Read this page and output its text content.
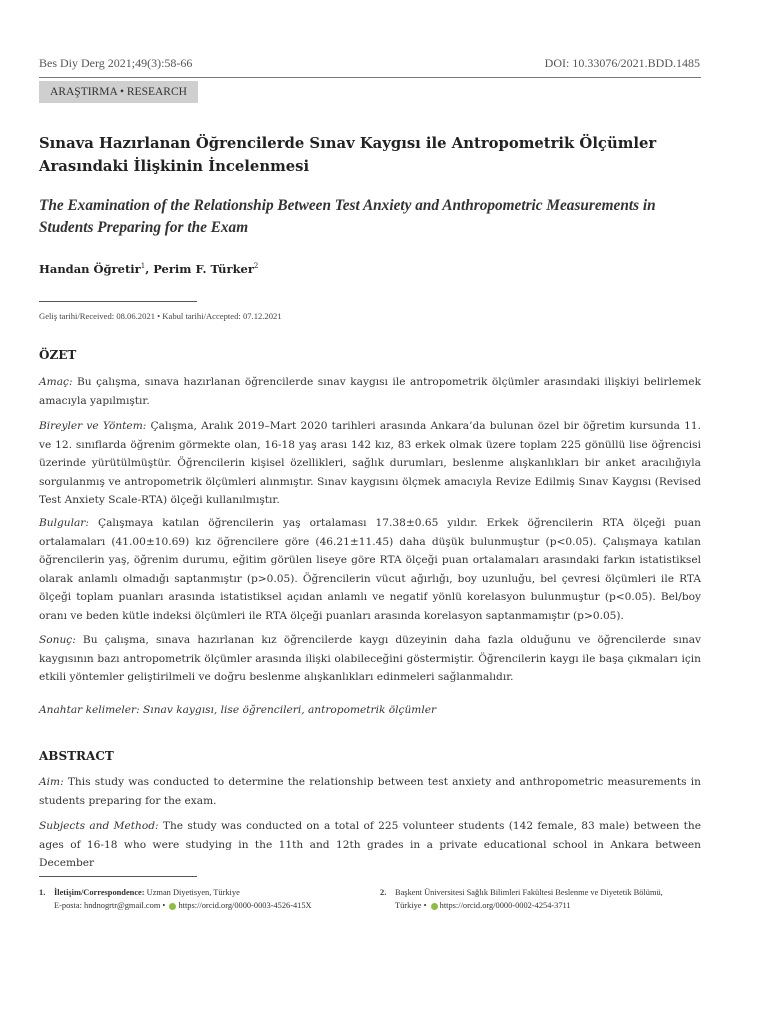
Bes Diy Derg 2021;49(3):58-66	DOI: 10.33076/2021.BDD.1485
ARAŞTIRMA • RESEARCH
Sınava Hazırlanan Öğrencilerde Sınav Kaygısı ile Antropometrik Ölçümler Arasındaki İlişkinin İncelenmesi
The Examination of the Relationship Between Test Anxiety and Anthropometric Measurements in Students Preparing for the Exam
Handan Öğretir$^1$, Perim F. Türker$^2$
Geliş tarihi/Received: 08.06.2021 • Kabul tarihi/Accepted: 07.12.2021
ÖZET

Amaç: Bu çalışma, sınava hazırlanan öğrencilerde sınav kaygısı ile antropometrik ölçümler arasındaki ilişkiyi belirlemek amacıyla yapılmıştır.

Bireyler ve Yöntem: Çalışma, Aralık 2019–Mart 2020 tarihleri arasında Ankara’da bulunan özel bir öğretim kursunda 11. ve 12. sınıflarda öğrenim görmekte olan, 16-18 yaş arası 142 kız, 83 erkek olmak üzere toplam 225 gönüllü lise öğrencisi üzerinde yürütülmüştür. Öğrencilerin kişisel özellikleri, sağlık durumları, beslenme alışkanlıkları bir anket aracılığıyla sorgulanmış ve antropometrik ölçümleri alınmıştır. Sınav kaygısını ölçmek amacıyla Revize Edilmiş Sınav Kaygısı (Revised Test Anxiety Scale-RTA) ölçeği kullanılmıştır.

Bulgular: Çalışmaya katılan öğrencilerin yaş ortalaması 17.38±0.65 yıldır. Erkek öğrencilerin RTA ölçeği puan ortalamaları (41.00±10.69) kız öğrencilere göre (46.21±11.45) daha düşük bulunmuştur (p<0.05). Çalışmaya katılan öğrencilerin yaş, öğrenim durumu, eğitim görülen liseye göre RTA ölçeği puan ortalamaları arasındaki farkın istatistiksel olarak anlamlı olmadığı saptanmıştır (p>0.05). Öğrencilerin vücut ağırlığı, boy uzunluğu, bel çevresi ölçümleri ile RTA ölçeği toplam puanları arasında istatistiksel açıdan anlamlı ve negatif yönlü korelasyon bulunmuştur (p<0.05). Bel/boy oranı ve beden kütle indeksi ölçümleri ile RTA ölçeği puanları arasında korelasyon saptanmamıştır (p>0.05).

Sonuç: Bu çalışma, sınava hazırlanan kız öğrencilerde kaygı düzeyinin daha fazla olduğunu ve öğrencilerde sınav kaygısının bazı antropometrik ölçümler arasında ilişki olabileceğini göstermiştir. Öğrencilerin kaygı ile başa çıkmaları için etkili yöntemler geliştirilmeli ve doğru beslenme alışkanlıkları edinmeleri sağlanmalıdır.

Anahtar kelimeler: Sınav kaygısı, lise öğrencileri, antropometrik ölçümler

ABSTRACT

Aim: This study was conducted to determine the relationship between test anxiety and anthropometric measurements in students preparing for the exam.

Subjects and Method: The study was conducted on a total of 225 volunteer students (142 female, 83 male) between the ages of 16-18 who were studying in the 11th and 12th grades in a private educational school in Ankara between December

1. İletişim/Correspondence: Uzman Diyetisyen, Türkiye
E-posta: hndnogrtr@gmail.com • https://orcid.org/0000-0003-4526-415X
2. Başkent Üniversitesi Sağlık Bilimleri Fakültesi Beslenme ve Diyetetik Bölümü,
Türkiye • https://orcid.org/0000-0002-4254-3711
